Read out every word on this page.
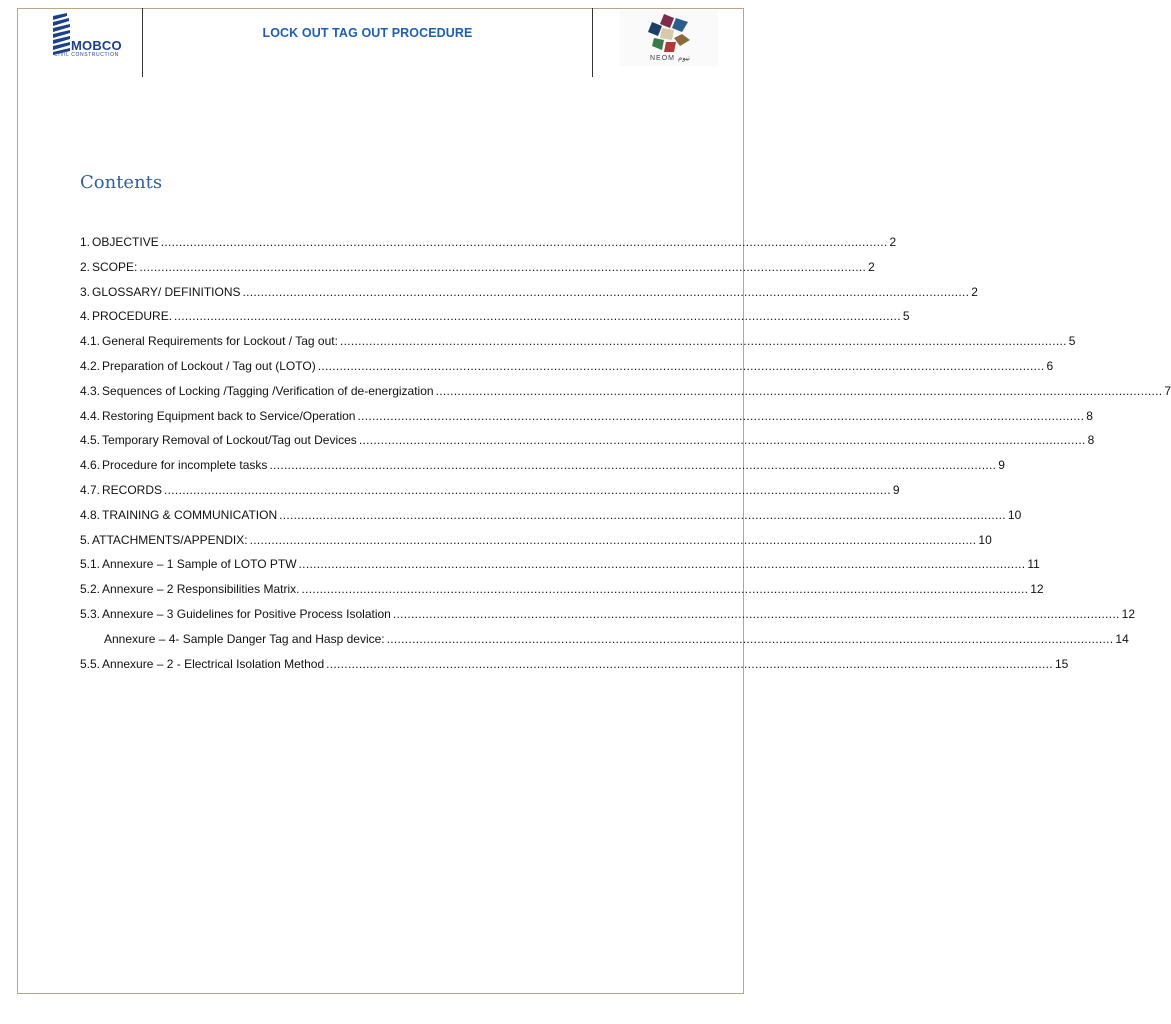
MOBCO
CIVIL CONSTRUCTION
LOCK OUT TAG OUT PROCEDURE
NEOM نيوم
Contents
1. OBJECTIVE ........................................................................................................................................................................................................ 2
2. SCOPE: ........................................................................................................................................................................................................ 2
3. GLOSSARY/ DEFINITIONS ........................................................................................................................................................................................................ 2
4. PROCEDURE. ........................................................................................................................................................................................................ 5
4.1. General Requirements for Lockout / Tag out: ........................................................................................................................................................................................................ 5
4.2. Preparation of Lockout / Tag out (LOTO) ........................................................................................................................................................................................................ 6
4.3. Sequences of Locking /Tagging /Verification of de-energization ........................................................................................................................................................................................................ 7
4.4. Restoring Equipment back to Service/Operation ........................................................................................................................................................................................................ 8
4.5. Temporary Removal of Lockout/Tag out Devices ........................................................................................................................................................................................................ 8
4.6. Procedure for incomplete tasks ........................................................................................................................................................................................................ 9
4.7. RECORDS ........................................................................................................................................................................................................ 9
4.8. TRAINING & COMMUNICATION ........................................................................................................................................................................................................ 10
5. ATTACHMENTS/APPENDIX: ........................................................................................................................................................................................................ 10
5.1. Annexure – 1 Sample of LOTO PTW ........................................................................................................................................................................................................ 11
5.2. Annexure – 2 Responsibilities Matrix. ........................................................................................................................................................................................................ 12
5.3. Annexure – 3 Guidelines for Positive Process Isolation ........................................................................................................................................................................................................ 12
Annexure – 4- Sample Danger Tag and Hasp device: ........................................................................................................................................................................................................ 14
5.5. Annexure – 2 - Electrical Isolation Method ........................................................................................................................................................................................................ 15
